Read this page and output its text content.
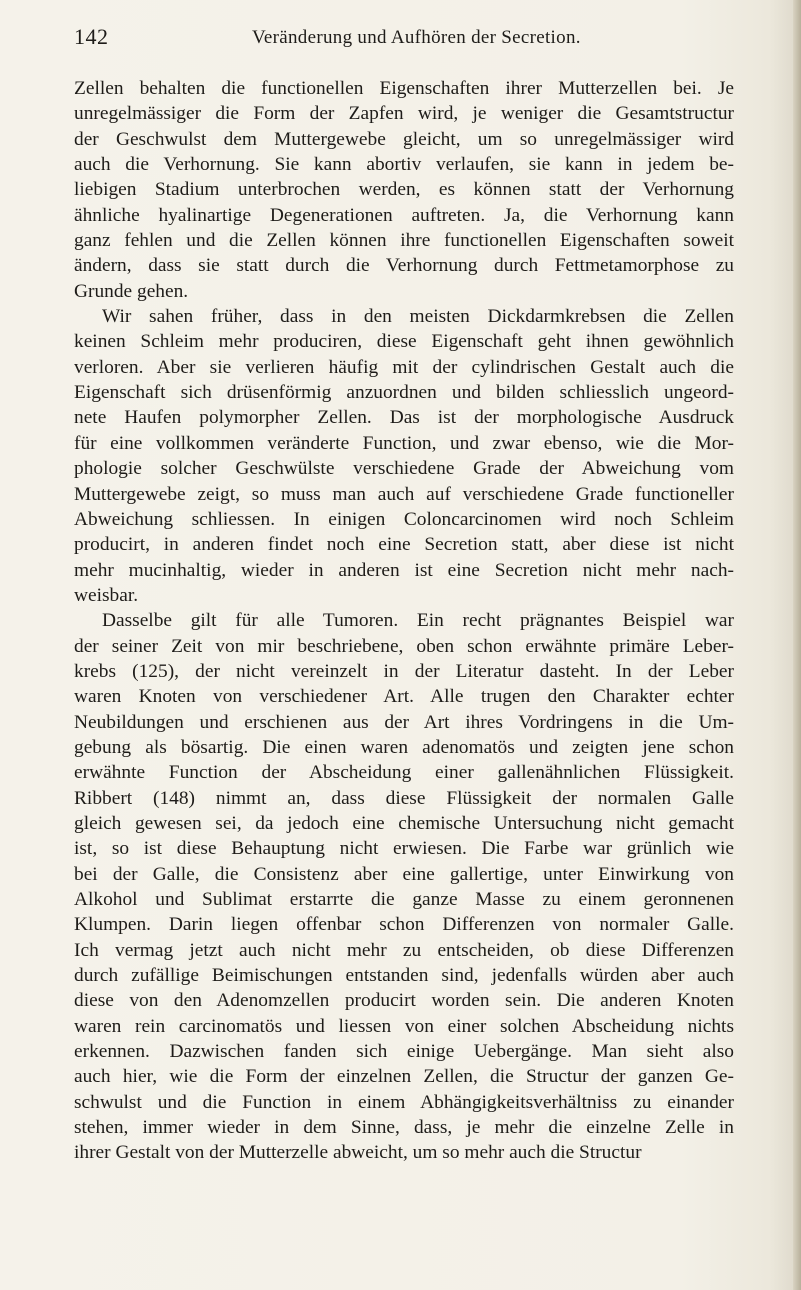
142	Veränderung und Aufhören der Secretion.
Zellen behalten die functionellen Eigenschaften ihrer Mutterzellen bei. Je
unregelmässiger die Form der Zapfen wird, je weniger die Gesamtstructur
der Geschwulst dem Muttergewebe gleicht, um so unregelmässiger wird
auch die Verhornung. Sie kann abortiv verlaufen, sie kann in jedem be-
liebigen Stadium unterbrochen werden, es können statt der Verhornung
ähnliche hyalinartige Degenerationen auftreten. Ja, die Verhornung kann
ganz fehlen und die Zellen können ihre functionellen Eigenschaften soweit
ändern, dass sie statt durch die Verhornung durch Fettmetamorphose zu
Grunde gehen.
Wir sahen früher, dass in den meisten Dickdarmkrebsen die Zellen
keinen Schleim mehr produciren, diese Eigenschaft geht ihnen gewöhnlich
verloren. Aber sie verlieren häufig mit der cylindrischen Gestalt auch die
Eigenschaft sich drüsenförmig anzuordnen und bilden schliesslich ungeord-
nete Haufen polymorpher Zellen. Das ist der morphologische Ausdruck
für eine vollkommen veränderte Function, und zwar ebenso, wie die Mor-
phologie solcher Geschwülste verschiedene Grade der Abweichung vom
Muttergewebe zeigt, so muss man auch auf verschiedene Grade functioneller
Abweichung schliessen. In einigen Coloncarcinomen wird noch Schleim
producirt, in anderen findet noch eine Secretion statt, aber diese ist nicht
mehr mucinhaltig, wieder in anderen ist eine Secretion nicht mehr nach-
weisbar.
Dasselbe gilt für alle Tumoren. Ein recht prägnantes Beispiel war
der seiner Zeit von mir beschriebene, oben schon erwähnte primäre Leber-
krebs (125), der nicht vereinzelt in der Literatur dasteht. In der Leber
waren Knoten von verschiedener Art. Alle trugen den Charakter echter
Neubildungen und erschienen aus der Art ihres Vordringens in die Um-
gebung als bösartig. Die einen waren adenomatös und zeigten jene schon
erwähnte Function der Abscheidung einer gallenähnlichen Flüssigkeit.
Ribbert (148) nimmt an, dass diese Flüssigkeit der normalen Galle
gleich gewesen sei, da jedoch eine chemische Untersuchung nicht gemacht
ist, so ist diese Behauptung nicht erwiesen. Die Farbe war grünlich wie
bei der Galle, die Consistenz aber eine gallertige, unter Einwirkung von
Alkohol und Sublimat erstarrte die ganze Masse zu einem geronnenen
Klumpen. Darin liegen offenbar schon Differenzen von normaler Galle.
Ich vermag jetzt auch nicht mehr zu entscheiden, ob diese Differenzen
durch zufällige Beimischungen entstanden sind, jedenfalls würden aber auch
diese von den Adenomzellen producirt worden sein. Die anderen Knoten
waren rein carcinomatös und liessen von einer solchen Abscheidung nichts
erkennen. Dazwischen fanden sich einige Uebergänge. Man sieht also
auch hier, wie die Form der einzelnen Zellen, die Structur der ganzen Ge-
schwulst und die Function in einem Abhängigkeitsverhältniss zu einander
stehen, immer wieder in dem Sinne, dass, je mehr die einzelne Zelle in
ihrer Gestalt von der Mutterzelle abweicht, um so mehr auch die Structur
